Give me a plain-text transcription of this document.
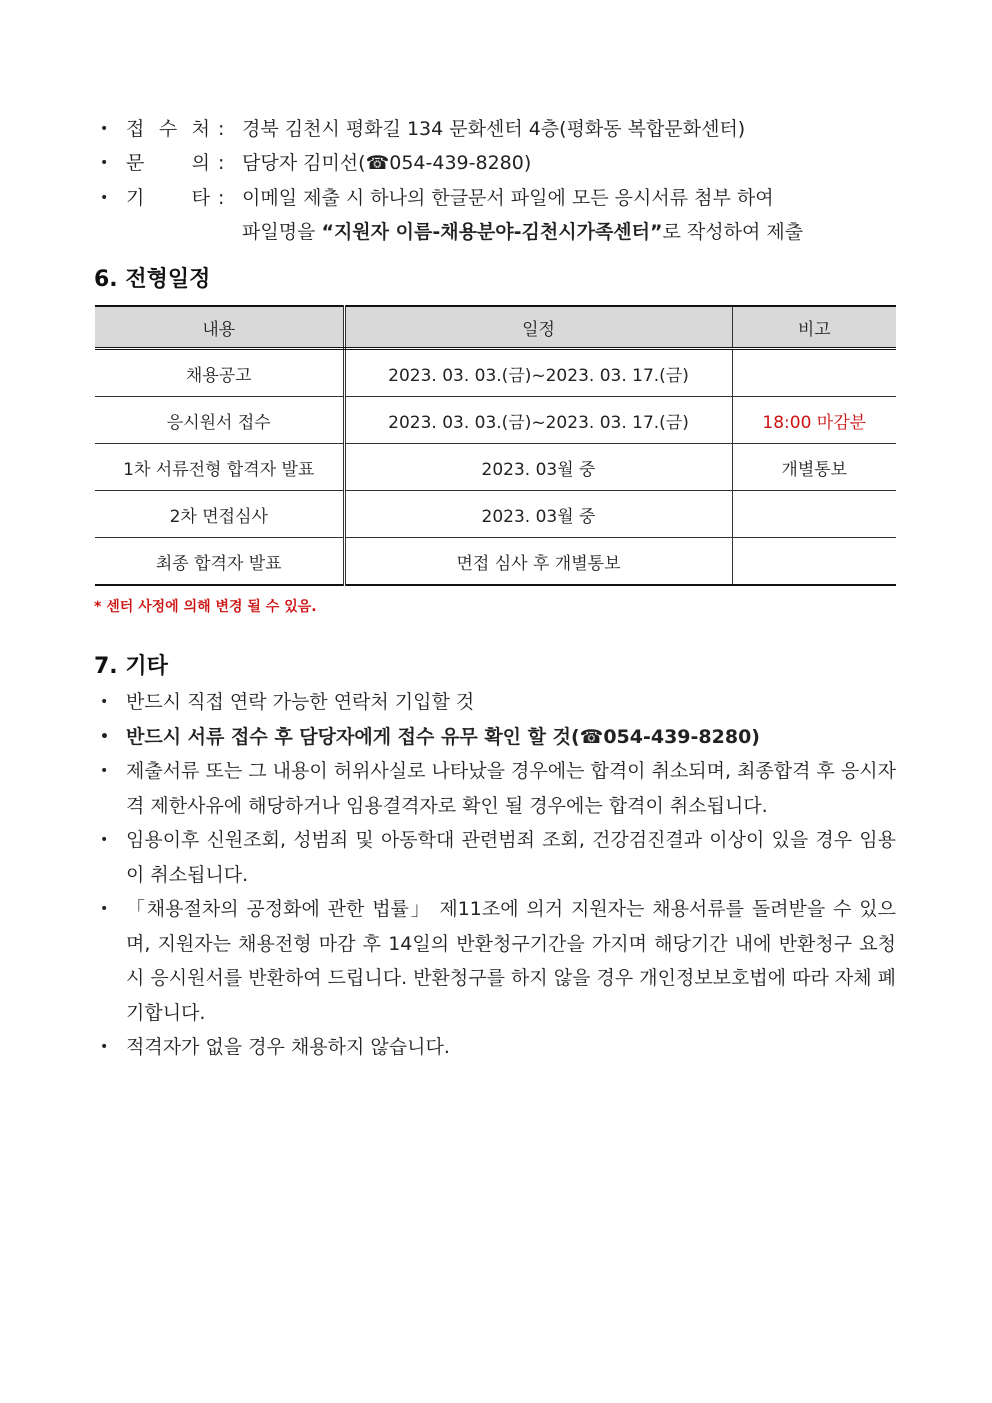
• 접 수 처 : 경북 김천시 평화길 134 문화센터 4층(평화동 복합문화센터)
• 문 의 : 담당자 김미선(☎054-439-8280)
• 기 타 : 이메일 제출 시 하나의 한글문서 파일에 모든 응시서류 첨부 하여
파일명을 “지원자 이름-채용분야-김천시가족센터”로 작성하여 제출
6. 전형일정
내용	일정	비고
채용공고	2023. 03. 03.(금)~2023. 03. 17.(금)	
응시원서 접수	2023. 03. 03.(금)~2023. 03. 17.(금)	18:00 마감분
1차 서류전형 합격자 발표	2023. 03월 중	개별통보
2차 면접심사	2023. 03월 중	
최종 합격자 발표	면접 심사 후 개별통보	
* 센터 사정에 의해 변경 될 수 있음.
7. 기타
• 반드시 직접 연락 가능한 연락처 기입할 것
• 반드시 서류 접수 후 담당자에게 접수 유무 확인 할 것(☎054-439-8280)
• 제출서류 또는 그 내용이 허위사실로 나타났을 경우에는 합격이 취소되며, 최종합격 후 응시자격 제한사유에 해당하거나 임용결격자로 확인 될 경우에는 합격이 취소됩니다.
• 임용이후 신원조회, 성범죄 및 아동학대 관련범죄 조회, 건강검진결과 이상이 있을 경우 임용이 취소됩니다.
• 「채용절차의 공정화에 관한 법률」 제11조에 의거 지원자는 채용서류를 돌려받을 수 있으며, 지원자는 채용전형 마감 후 14일의 반환청구기간을 가지며 해당기간 내에 반환청구 요청 시 응시원서를 반환하여 드립니다. 반환청구를 하지 않을 경우 개인정보보호법에 따라 자체 폐기합니다.
• 적격자가 없을 경우 채용하지 않습니다.
